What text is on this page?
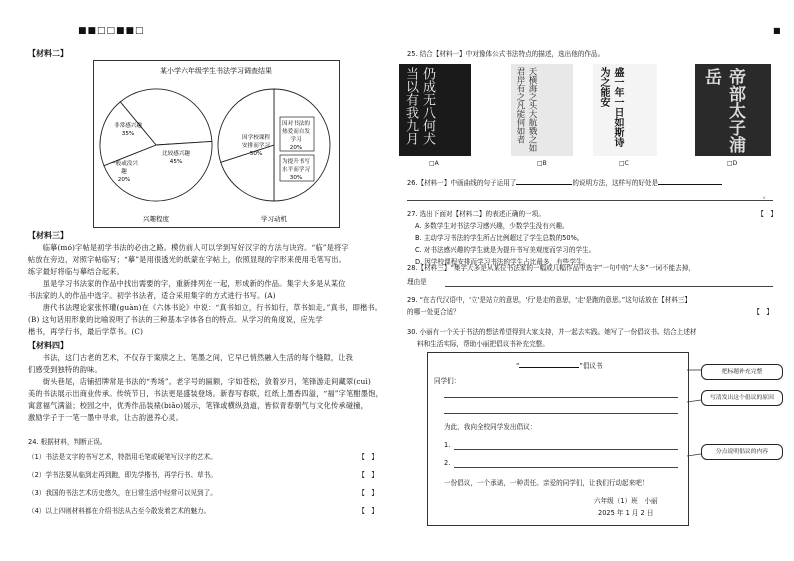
■■□□■■□
【材料二】
某小学六年级学生书法学习调查结果
非常感兴趣
35%
比较感兴趣
45%
一般或没兴
趣
20%
兴趣程度
因学校课程
安排而学习
50%
因对书法的
热爱而自发
学习
20%
为提升书写
水平而学习
30%
学习动机
【材料三】
　　临摹(mó)字帖是初学书法的必由之路。模仿前人可以学到写好汉字的方法与诀窍。“临”是将字
帖放在旁边，对照字帖临写；“摹”是用很透光的纸蒙在字帖上，依照显现的字形来使用毛笔写出。
练字最好将临与摹结合起来。
　　虽是学习书法家的作品中找出需要的字，重新排列在一起，形成新的作品。集字大多是从某位
书法家的人的作品中选字。初学书法者，适合采用集字的方式进行书写。(A)
　　唐代书法理论家张怀瓘(guàn)在《六体书论》中说：“真书如立，行书如行，草书如走。”真书，即楷书。
(B) 这句话用形象的比喻说明了书法的三种基本字体各自的特点。从学习的角度说，应先学
楷书，再学行书，最后学草书。(C)
【材料四】
　　书法，这门古老的艺术，不仅存于案牍之上、笔墨之间，它早已悄然融入生活的每个缝隙，让我
们感受到独特的韵味。
　　街头巷尾，店铺招牌常是书法的“秀场”。老字号的匾额，字如苍松，敛着岁月，笔锋游走间藏翠(cuì)
美的书法展示出商业传承。传统节日，书法更是盛装登场。新春写春联，红纸上墨香四溢，“福”字笔酣墨饱，
寓意福气满溢；校园之中，优秀作品装裱(biǎo)展示，笔锋或横纵劲道，皆似青春朝气与文化传承碰撞，
激励学子于一笔一墨中寻求，让古韵滋养心灵。
24. 根据材料，判断正误。
（1）书法是文字的书写艺术，特指用毛笔或硬笔写汉字的艺术。	【　】
（2）学书法要从临到走再到跑，即先学楷书，再学行书、草书。	【　】
（3）我国的书法艺术历史悠久，在日常生活中经常可以见到了。	【　】
（4）以上四则材料都在介绍书法从古至今散发着艺术的魅力。	【　】
■
25. 结合【材料一】中对豫体公式书法特点的描述，选出他的作品。
仍成无八何犬当以有我九月	天横海之头大航戮之如君岸有之凡能何如者	盛一年一日如斯诗为之能安	帝部太子浦岳
□A	□B	□C	□D
26.【材料一】中画曲线的句子运用了	的说明方法，这样写的好处是
。
27. 选出下面对【材料二】的表述正确的一项。	【　】
A. 多数学生对书法学习感兴趣，少数学生没有兴趣。
B. 主动学习书法的学生所占比例超过了学生总数的50%。
C. 对书法感兴趣的学生就是为提升书写美观度而学习的学生。
D. 因学校课程安排而学习书法的学生占比最多，有些学生。
28.【材料三】“集字大多是从某位书法家的一幅或几幅作品中选字”一句中的“大多”一词不能去掉，
理由是
29. “在古代汉语中，'立'是站立的意思，'行'是走的意思，'走'是跑的意思。”这句话放在【材料三】
的哪一处更合适？	【　】
30. 小丽有一个关于书法的想法希望得到大家支持，并一起去实践。她写了一份倡议书。结合上述材
料和生活实际，帮助小丽把倡议书补充完整。
“	”倡议书
同学们：
为此，我向全校同学发出倡议：
1.
2.
一份倡议，一个承诺，一种责任。亲爱的同学们，让我们行动起来吧！
六年级（1）班　小丽
2025 年 1 月 2 日
把标题补充完整
写清发出这个倡议的原因
分点说明倡议的内容
